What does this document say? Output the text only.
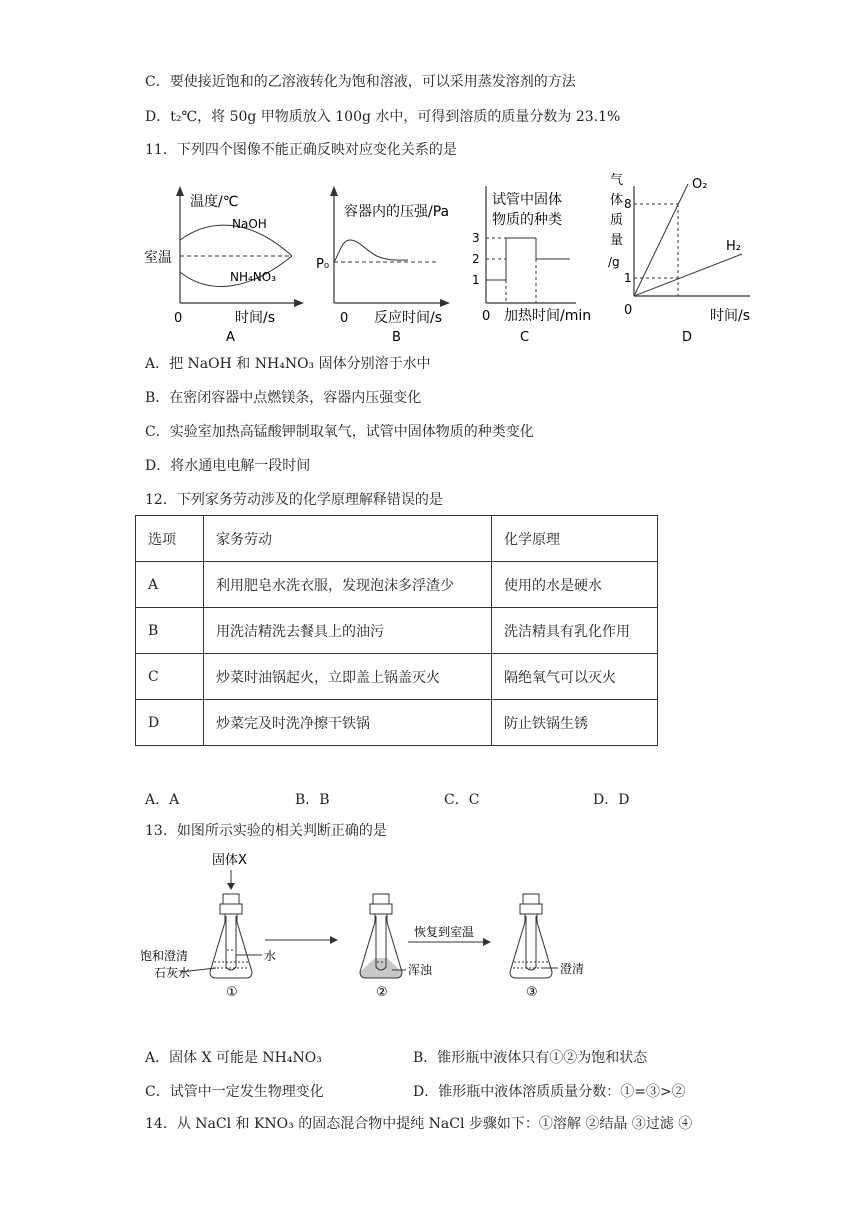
C．要使接近饱和的乙溶液转化为饱和溶液，可以采用蒸发溶剂的方法
D．t₂℃，将 50g 甲物质放入 100g 水中，可得到溶质的质量分数为 23.1%
11．下列四个图像不能正确反映对应变化关系的是
温度/℃
室温
NaOH
NH₄NO₃
0	时间/s
A
容器内的压强/Pa
P₀
0 反应时间/s
B
试管中固体
物质的种类
3
2
1
0 加热时间/min
C
气
体
质
量
/g
8
1
O₂
H₂
0	时间/s
D
A．把 NaOH 和 NH₄NO₃ 固体分别溶于水中
B．在密闭容器中点燃镁条，容器内压强变化
C．实验室加热高锰酸钾制取氧气，试管中固体物质的种类变化
D．将水通电电解一段时间
12．下列家务劳动涉及的化学原理解释错误的是
选项	家务劳动	化学原理
A	利用肥皂水洗衣服，发现泡沫多浮渣少	使用的水是硬水
B	用洗洁精洗去餐具上的油污	洗洁精具有乳化作用
C	炒菜时油锅起火，立即盖上锅盖灭火	隔绝氧气可以灭火
D	炒菜完及时洗净擦干铁锅	防止铁锅生锈
A．A	B．B	C．C	D．D
13．如图所示实验的相关判断正确的是
固体X
水
饱和澄清
石灰水
①
浑浊
②
恢复到室温
澄清
③
A．固体 X 可能是 NH₄NO₃	B．锥形瓶中液体只有①②为饱和状态
C．试管中一定发生物理变化	D．锥形瓶中液体溶质质量分数：①=③>②
14．从 NaCl 和 KNO₃ 的固态混合物中提纯 NaCl 步骤如下：①溶解 ②结晶 ③过滤 ④
